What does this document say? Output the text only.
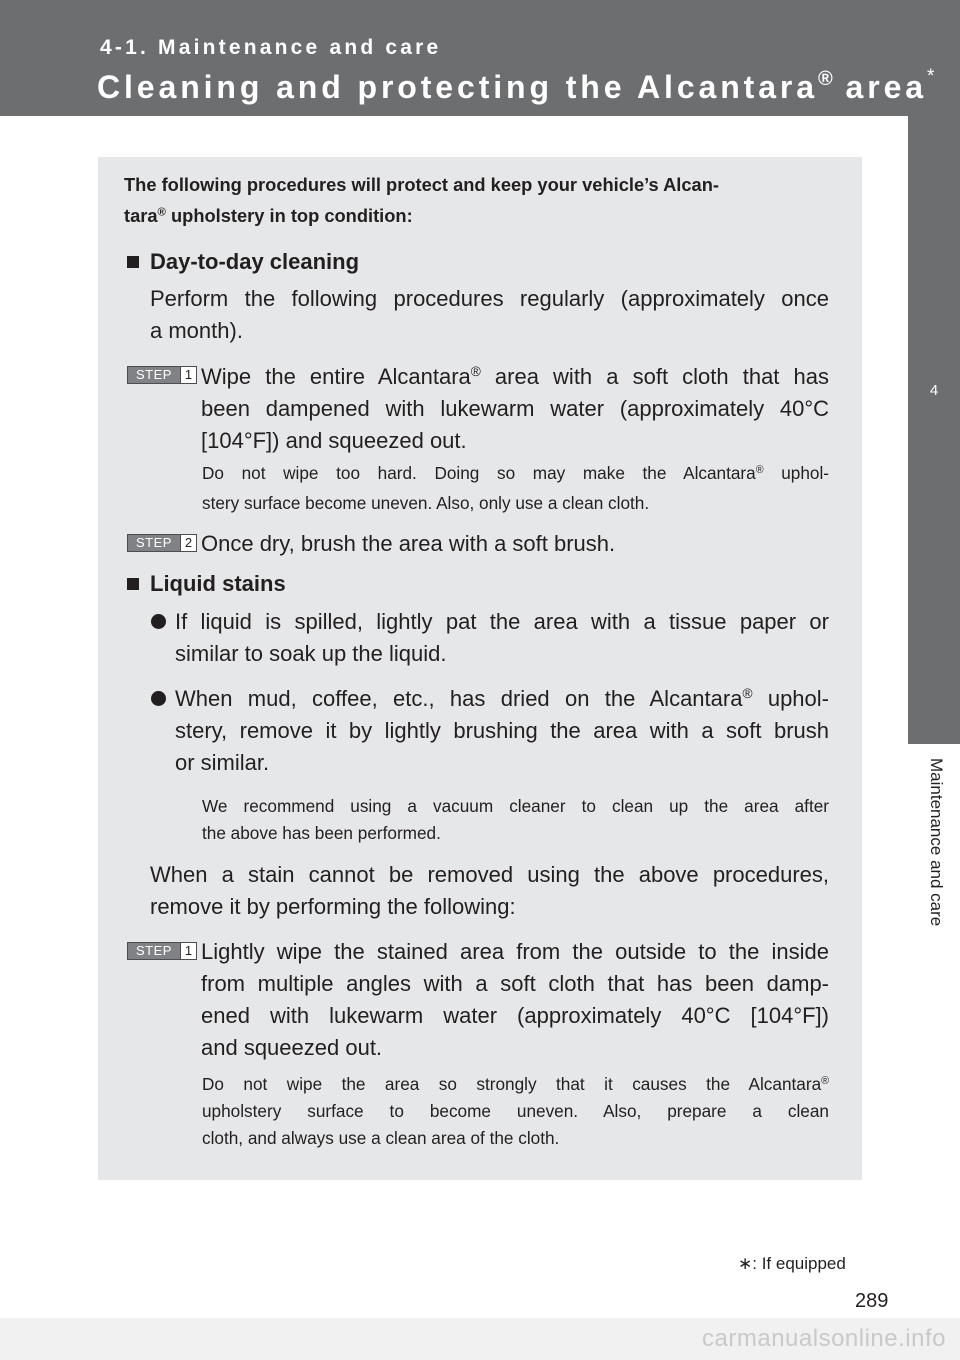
4-1. Maintenance and care
Cleaning and protecting the Alcantara® area*
4
Maintenance and care
The following procedures will protect and keep your vehicle’s Alcan-
tara® upholstery in top condition:
Day-to-day cleaning
Perform the following procedures regularly (approximately once
a month).
STEP 1 Wipe the entire Alcantara® area with a soft cloth that has
been dampened with lukewarm water (approximately 40°C
[104°F]) and squeezed out.
Do not wipe too hard. Doing so may make the Alcantara® uphol-
stery surface become uneven. Also, only use a clean cloth.
STEP 2 Once dry, brush the area with a soft brush.
Liquid stains
If liquid is spilled, lightly pat the area with a tissue paper or
similar to soak up the liquid.
When mud, coffee, etc., has dried on the Alcantara® uphol-
stery, remove it by lightly brushing the area with a soft brush
or similar.
We recommend using a vacuum cleaner to clean up the area after
the above has been performed.
When a stain cannot be removed using the above procedures,
remove it by performing the following:
STEP 1 Lightly wipe the stained area from the outside to the inside
from multiple angles with a soft cloth that has been damp-
ened with lukewarm water (approximately 40°C [104°F])
and squeezed out.
Do not wipe the area so strongly that it causes the Alcantara®
upholstery surface to become uneven. Also, prepare a clean
cloth, and always use a clean area of the cloth.
∗: If equipped
289
carmanualsonline.info
